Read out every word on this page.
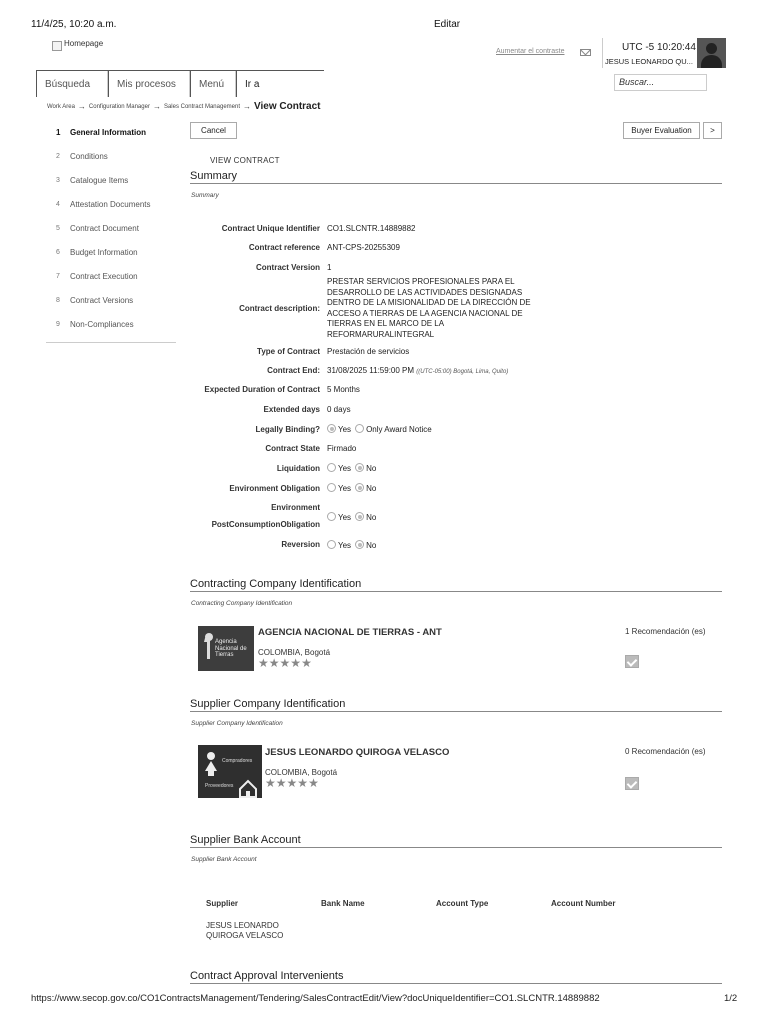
11/4/25, 10:20 a.m.	Editar
Homepage
Aumentar el contraste	UTC -5 10:20:44
JESUS LEONARDO QU...
Búsqueda	Mis procesos	Menú	Ir a	Buscar...
Work Area → Configuration Manager → Sales Contract Management → View Contract
1	General Information
2	Conditions
3	Catalogue Items
4	Attestation Documents
5	Contract Document
6	Budget Information
7	Contract Execution
8	Contract Versions
9	Non-Compliances
Cancel	Buyer Evaluation	>
VIEW CONTRACT
Summary
Summary
Contract Unique Identifier CO1.SLCNTR.14889882
Contract reference ANT-CPS-20255309
Contract Version 1
Contract description:
PRESTAR SERVICIOS PROFESIONALES PARA EL DESARROLLO DE LAS ACTIVIDADES DESIGNADAS DENTRO DE LA MISIONALIDAD DE LA DIRECCIÓN DE ACCESO A TIERRAS DE LA AGENCIA NACIONAL DE TIERRAS EN EL MARCO DE LA REFORMARURALINTEGRAL
Type of Contract Prestación de servicios
Contract End: 31/08/2025 11:59:00 PM ((UTC-05:00) Bogotá, Lima, Quito)
Expected Duration of Contract 5 Months
Extended days 0 days
Legally Binding?	Yes Only Award Notice
Contract State Firmado
Liquidation	Yes No
Environment Obligation	Yes No
Environment
PostConsumptionObligation
Yes No
Reversion	Yes No
Contracting Company Identification
Contracting Company Identification
Agencia
Nacional de
Tierras
AGENCIA NACIONAL DE TIERRAS - ANT
COLOMBIA, Bogotá
★ ★ ★ ★ ★
1 Recomendación (es)
Supplier Company Identification
Supplier Company Identification
Compradores
Proveedores
JESUS LEONARDO QUIROGA VELASCO
COLOMBIA, Bogotá
★ ★ ★ ★ ★
0 Recomendación (es)
Supplier Bank Account
Supplier Bank Account
Supplier	Bank Name	Account Type	Account Number
JESUS LEONARDO QUIROGA VELASCO
Contract Approval Intervenients
https://www.secop.gov.co/CO1ContractsManagement/Tendering/SalesContractEdit/View?docUniqueIdentifier=CO1.SLCNTR.14889882	1/2
